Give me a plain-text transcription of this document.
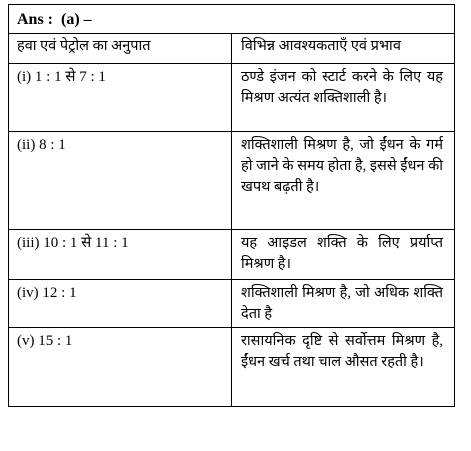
Ans :  (a) –
हवा एवं पेट्रोल का अनुपात	विभिन्न आवश्यकताएँ एवं प्रभाव
(i) 1 : 1 से 7 : 1	ठण्डे इंजन को स्टार्ट करने के लिए यह मिश्रण अत्यंत शक्तिशाली है।
(ii) 8 : 1	शक्तिशाली मिश्रण है, जो ईंधन के गर्म हो जाने के समय होता है, इससे ईंधन की खपथ बढ़ती है।
(iii) 10 : 1 से 11 : 1	यह आइडल शक्ति के लिए प्रर्याप्त मिश्रण है।
(iv) 12 : 1	शक्तिशाली मिश्रण है, जो अधिक शक्ति देता है
(v) 15 : 1	रासायनिक दृष्टि से सर्वोत्तम मिश्रण है, ईंधन खर्च तथा चाल औसत रहती है।
